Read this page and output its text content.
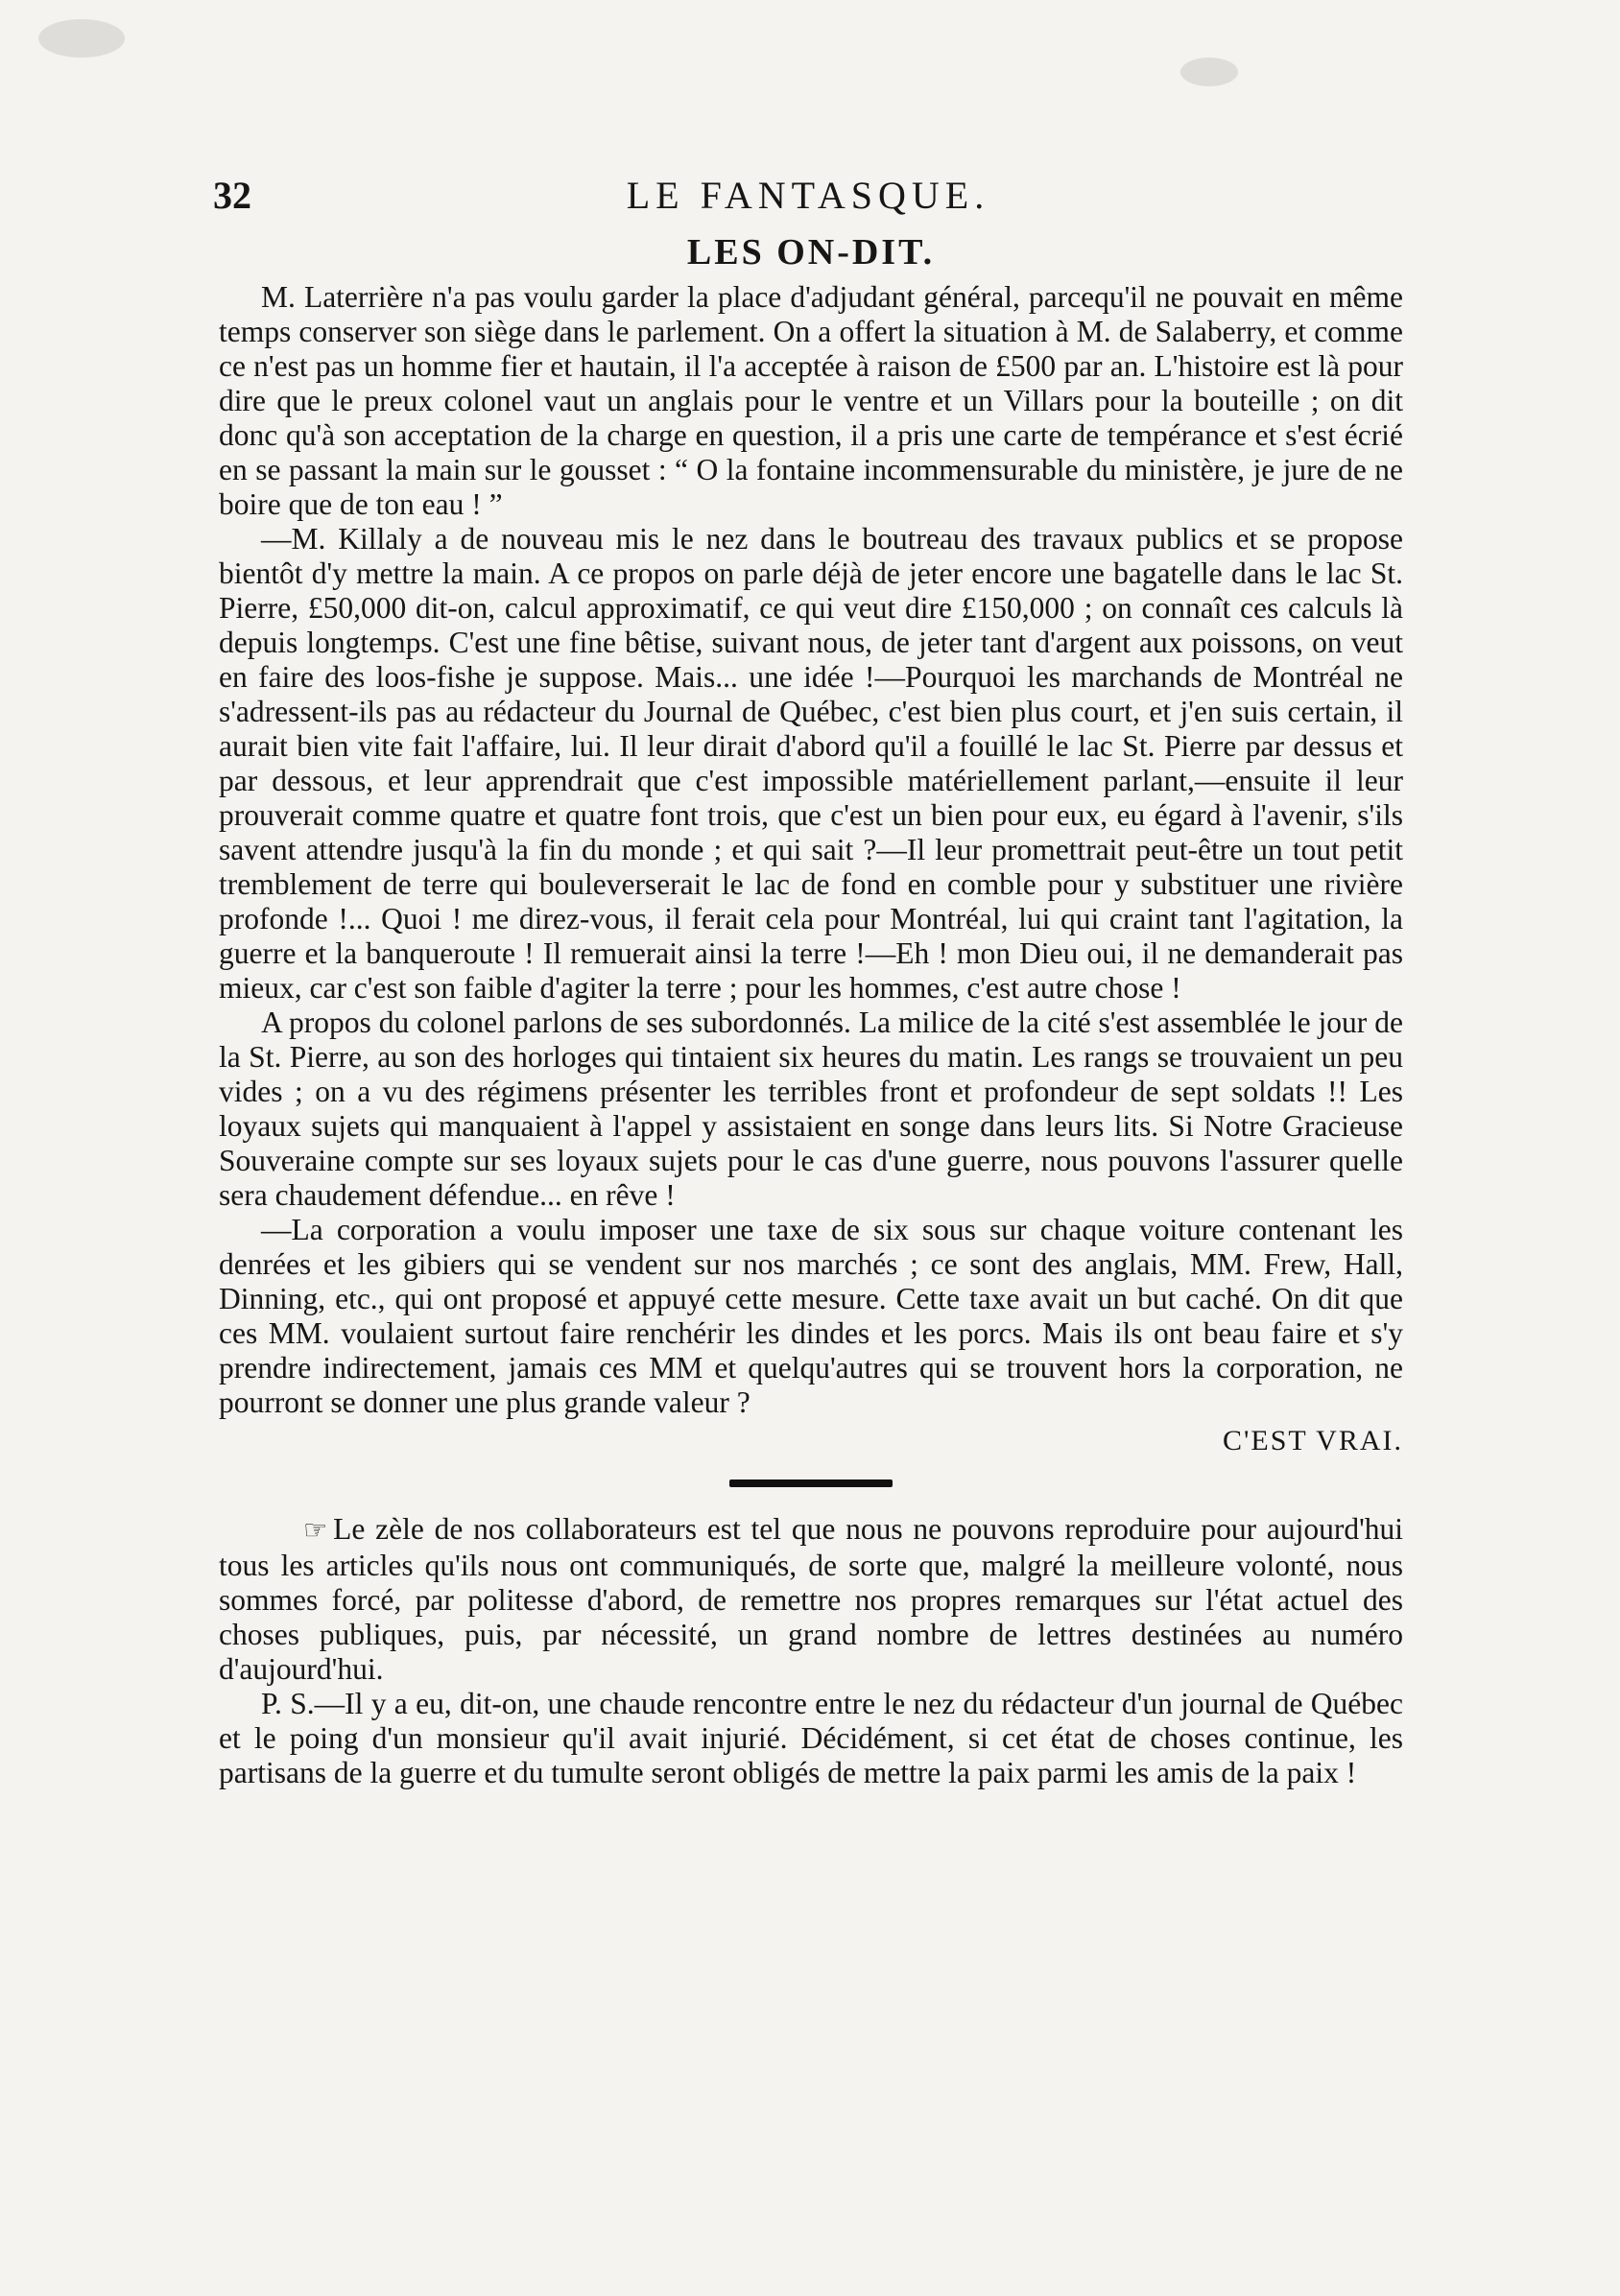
32	LE FANTASQUE.
LES ON-DIT.

M. Laterrière n'a pas voulu garder la place d'adjudant général, parcequ'il ne pouvait en même temps conserver son siège dans le parlement. On a offert la situation à M. de Salaberry, et comme ce n'est pas un homme fier et hautain, il l'a acceptée à raison de £500 par an. L'histoire est là pour dire que le preux colonel vaut un anglais pour le ventre et un Villars pour la bouteille ; on dit donc qu'à son acceptation de la charge en question, il a pris une carte de tempérance et s'est écrié en se passant la main sur le gousset : “ O la fontaine incommensurable du ministère, je jure de ne boire que de ton eau ! ”

—M. Killaly a de nouveau mis le nez dans le boutreau des travaux publics et se propose bientôt d'y mettre la main. A ce propos on parle déjà de jeter encore une bagatelle dans le lac St. Pierre, £50,000 dit-on, calcul approximatif, ce qui veut dire £150,000 ; on connaît ces calculs là depuis longtemps. C'est une fine bêtise, suivant nous, de jeter tant d'argent aux poissons, on veut en faire des loos-fishe je suppose. Mais... une idée !—Pourquoi les marchands de Montréal ne s'adressent-ils pas au rédacteur du Journal de Québec, c'est bien plus court, et j'en suis certain, il aurait bien vite fait l'affaire, lui. Il leur dirait d'abord qu'il a fouillé le lac St. Pierre par dessus et par dessous, et leur apprendrait que c'est impossible matériellement parlant,—ensuite il leur prouverait comme quatre et quatre font trois, que c'est un bien pour eux, eu égard à l'avenir, s'ils savent attendre jusqu'à la fin du monde ; et qui sait ?—Il leur promettrait peut-être un tout petit tremblement de terre qui bouleverserait le lac de fond en comble pour y substituer une rivière profonde !... Quoi ! me direz-vous, il ferait cela pour Montréal, lui qui craint tant l'agitation, la guerre et la banqueroute ! Il remuerait ainsi la terre !—Eh ! mon Dieu oui, il ne demanderait pas mieux, car c'est son faible d'agiter la terre ; pour les hommes, c'est autre chose !

A propos du colonel parlons de ses subordonnés. La milice de la cité s'est assemblée le jour de la St. Pierre, au son des horloges qui tintaient six heures du matin. Les rangs se trouvaient un peu vides ; on a vu des régimens présenter les terribles front et profondeur de sept soldats !! Les loyaux sujets qui manquaient à l'appel y assistaient en songe dans leurs lits. Si Notre Gracieuse Souveraine compte sur ses loyaux sujets pour le cas d'une guerre, nous pouvons l'assurer quelle sera chaudement défendue... en rêve !

—La corporation a voulu imposer une taxe de six sous sur chaque voiture contenant les denrées et les gibiers qui se vendent sur nos marchés ; ce sont des anglais, MM. Frew, Hall, Dinning, etc., qui ont proposé et appuyé cette mesure. Cette taxe avait un but caché. On dit que ces MM. voulaient surtout faire renchérir les dindes et les porcs. Mais ils ont beau faire et s'y prendre indirectement, jamais ces MM et quelqu'autres qui se trouvent hors la corporation, ne pourront se donner une plus grande valeur ?

C'EST VRAI.

☞ Le zèle de nos collaborateurs est tel que nous ne pouvons reproduire pour aujourd'hui tous les articles qu'ils nous ont communiqués, de sorte que, malgré la meilleure volonté, nous sommes forcé, par politesse d'abord, de remettre nos propres remarques sur l'état actuel des choses publiques, puis, par nécessité, un grand nombre de lettres destinées au numéro d'aujourd'hui.

P. S.—Il y a eu, dit-on, une chaude rencontre entre le nez du rédacteur d'un journal de Québec et le poing d'un monsieur qu'il avait injurié. Décidément, si cet état de choses continue, les partisans de la guerre et du tumulte seront obligés de mettre la paix parmi les amis de la paix !
